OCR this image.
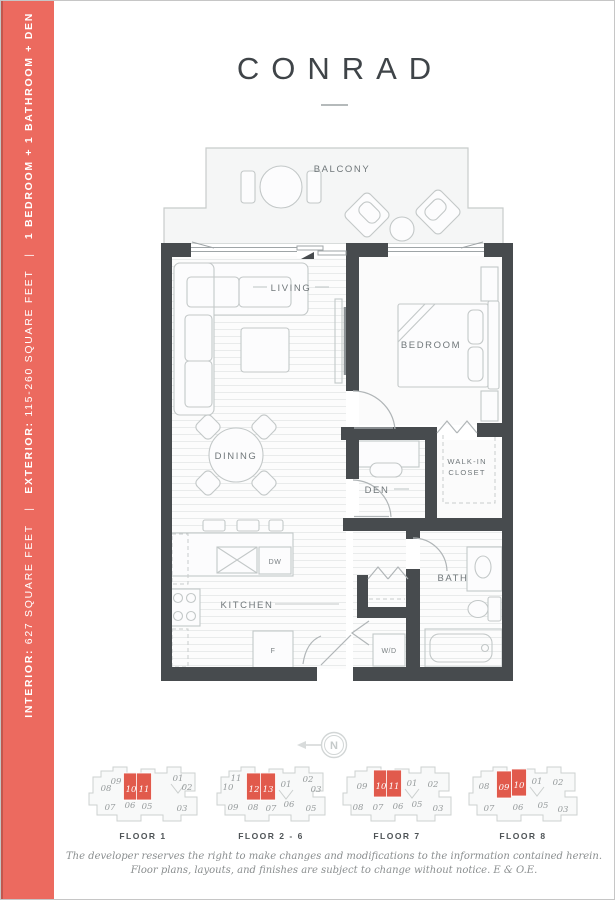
INTERIOR: 627 SQUARE FEET|EXTERIOR: 115-260 SQUARE FEET|1 BEDROOM + 1 BATHROOM + DEN	CONRAD
BALCONY
LIVING
BEDROOM
DINING
DEN
WALK-IN
CLOSET
KITCHEN
BATH
DW
F	W/D
N
09
08 10 11
01
02
07 06 05	03
FLOOR 1
11
10 12 13 01 02
03
09 08 07 06 05
FLOOR 2 - 6
09 10 11 01 02
08 07 06 05 03
FLOOR 7
08 09 10 01 02
07 06 05 03
FLOOR 8
The developer reserves the right to make changes and modifications to the information contained herein.
Floor plans, layouts, and finishes are subject to change without notice. E & O.E.
